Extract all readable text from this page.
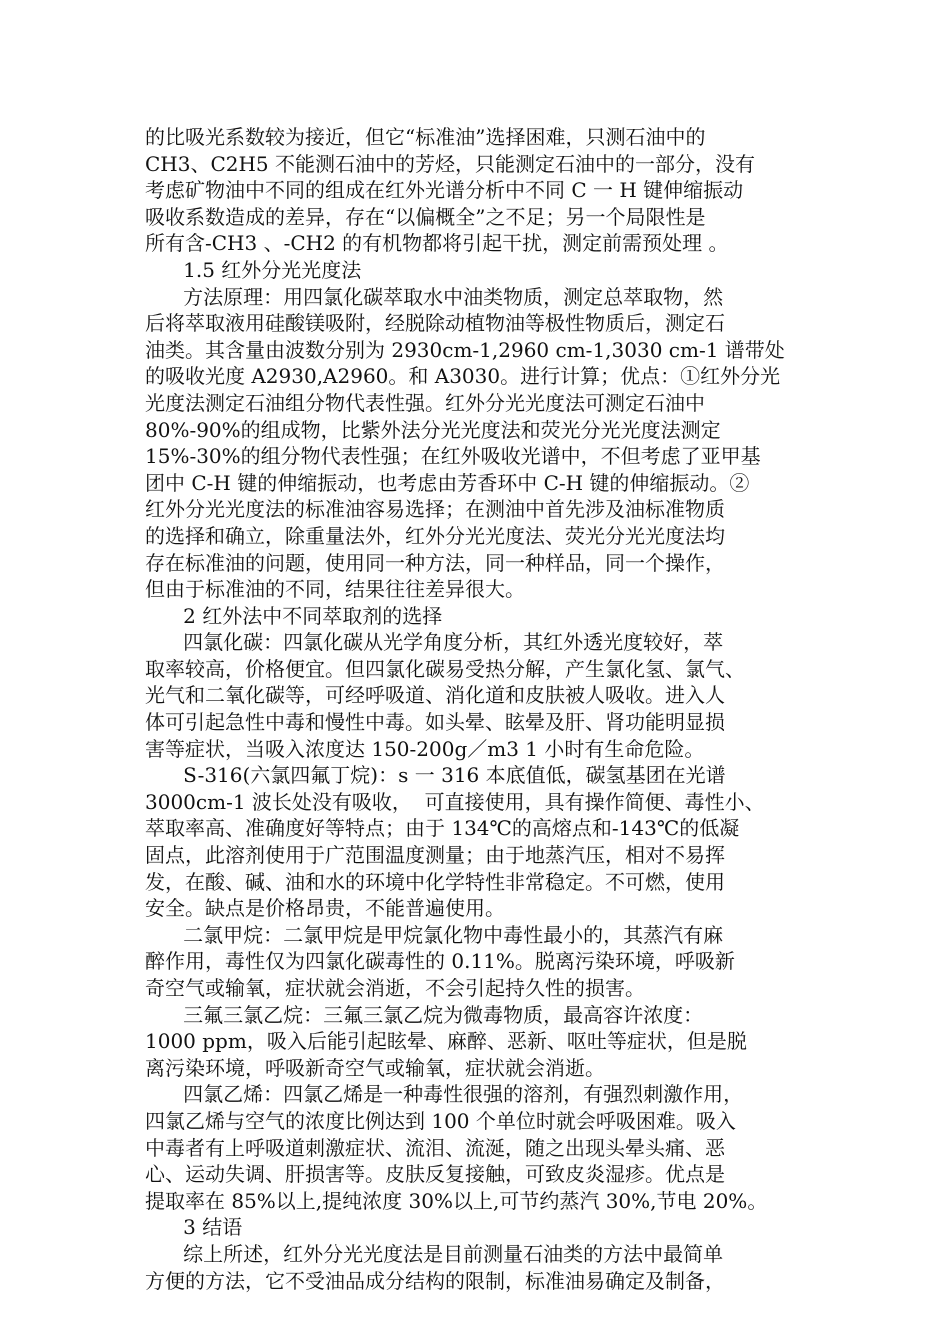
的比吸光系数较为接近，但它“标准油”选择困难，只测石油中的
CH3、C2H5 不能测石油中的芳烃，只能测定石油中的一部分，没有
考虑矿物油中不同的组成在红外光谱分析中不同 C 一 H 键伸缩振动
吸收系数造成的差异，存在“以偏概全”之不足；另一个局限性是
所有含-CH3 、-CH2 的有机物都将引起干扰，测定前需预处理 。
1.5 红外分光光度法
方法原理：用四氯化碳萃取水中油类物质，测定总萃取物，然
后将萃取液用硅酸镁吸附，经脱除动植物油等极性物质后，测定石
油类。其含量由波数分别为 2930cm-1,2960 cm-1,3030 cm-1 谱带处
的吸收光度 A2930,A2960。和 A3030。进行计算；优点：①红外分光
光度法测定石油组分物代表性强。红外分光光度法可测定石油中
80%-90%的组成物，比紫外法分光光度法和荧光分光光度法测定
15%-30%的组分物代表性强；在红外吸收光谱中，不但考虑了亚甲基
团中 C-H 键的伸缩振动，也考虑由芳香环中 C-H 键的伸缩振动。②
红外分光光度法的标准油容易选择；在测油中首先涉及油标准物质
的选择和确立，除重量法外，红外分光光度法、荧光分光光度法均
存在标准油的问题，使用同一种方法，同一种样品，同一个操作，
但由于标准油的不同，结果往往差异很大。
2 红外法中不同萃取剂的选择
四氯化碳：四氯化碳从光学角度分析，其红外透光度较好，萃
取率较高，价格便宜。但四氯化碳易受热分解，产生氯化氢、氯气、
光气和二氧化碳等，可经呼吸道、消化道和皮肤被人吸收。进入人
体可引起急性中毒和慢性中毒。如头晕、眩晕及肝、肾功能明显损
害等症状，当吸入浓度达 150-200g／m3 1 小时有生命危险。
S-316(六氯四氟丁烷)：s 一 316 本底值低，碳氢基团在光谱
3000cm-1 波长处没有吸收，  可直接使用，具有操作简便、毒性小、
萃取率高、准确度好等特点；由于 134℃的高熔点和-143℃的低凝
固点，此溶剂使用于广范围温度测量；由于地蒸汽压，相对不易挥
发，在酸、碱、油和水的环境中化学特性非常稳定。不可燃，使用
安全。缺点是价格昂贵，不能普遍使用。
二氯甲烷：二氯甲烷是甲烷氯化物中毒性最小的，其蒸汽有麻
醉作用，毒性仅为四氯化碳毒性的 0.11%。脱离污染环境，呼吸新
奇空气或输氧，症状就会消逝，不会引起持久性的损害。
三氟三氯乙烷：三氟三氯乙烷为微毒物质，最高容许浓度：
1000 ppm，吸入后能引起眩晕、麻醉、恶新、呕吐等症状，但是脱
离污染环境，呼吸新奇空气或输氧，症状就会消逝。
四氯乙烯：四氯乙烯是一种毒性很强的溶剂，有强烈刺激作用，
四氯乙烯与空气的浓度比例达到 100 个单位时就会呼吸困难。吸入
中毒者有上呼吸道刺激症状、流泪、流涎，随之出现头晕头痛、恶
心、运动失调、肝损害等。皮肤反复接触，可致皮炎湿疹。优点是
提取率在 85%以上,提纯浓度 30%以上,可节约蒸汽 30%,节电 20%。
3 结语
综上所述，红外分光光度法是目前测量石油类的方法中最简单
方便的方法，它不受油品成分结构的限制，标准油易确定及制备，
